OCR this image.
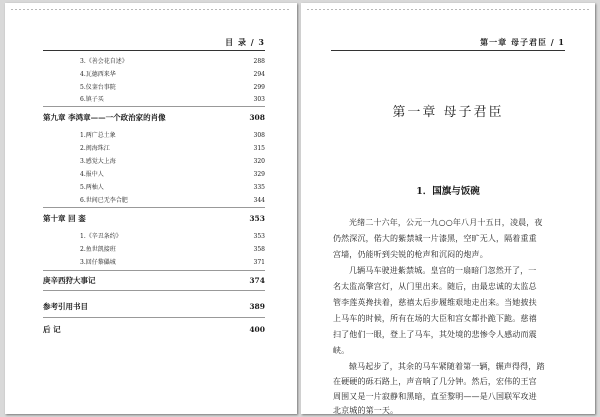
目 录 / 3
3.《善会花自述》	288
4.瓦德西来华	294
5.仪銮台事院	299
6.镇子买	303
第九章 李鸿章——一个政治家的肖像	308
1.两广总土象	308
2.闽海珠江	315
3.感觉大上海	320
4.报中人	329
5.两柚人	335
6.世间已无李合肥	344
第十章 回 銮	353
1.《辛丑条约》	353
2.鱼世凯接班	358
3.回仔黎儡城	371
庚辛西狩大事记	374
参考引用书目	389
后 记	400
第一章 母子君臣 / 1
第一章 母子君臣
1．国旗与饭碗
光绪二十六年，公元一九○○年八月十五日，凌晨，夜
仍然深沉，偌大的紫禁城一片漆黑，空旷无人，隔着重重
宫墙，仍能听到尖锐的枪声和沉闷的炮声。
几辆马车驶进紫禁城。皇宫的一扇暗门忽然开了，一
名太监高擎宫灯，从门里出来。随后，由最忠诚的太监总
管李莲英搀扶着，慈禧太后步履维艰地走出来。当她披扶
上马车的时候，所有在场的大臣和宫女都扑跪下跪。慈禧
扫了他们一眼，登上了马车，其处境的悲惨令人感动而震
峡。
辕马起步了，其余的马车紧随着第一辆，辗声得得，踏
在硬硬的砾石路上，声音响了几分钟。然后，宏伟的王宫
周围又是一片寂静和黑暗，直至黎明——是八国联军攻进
北京城的第一天。
